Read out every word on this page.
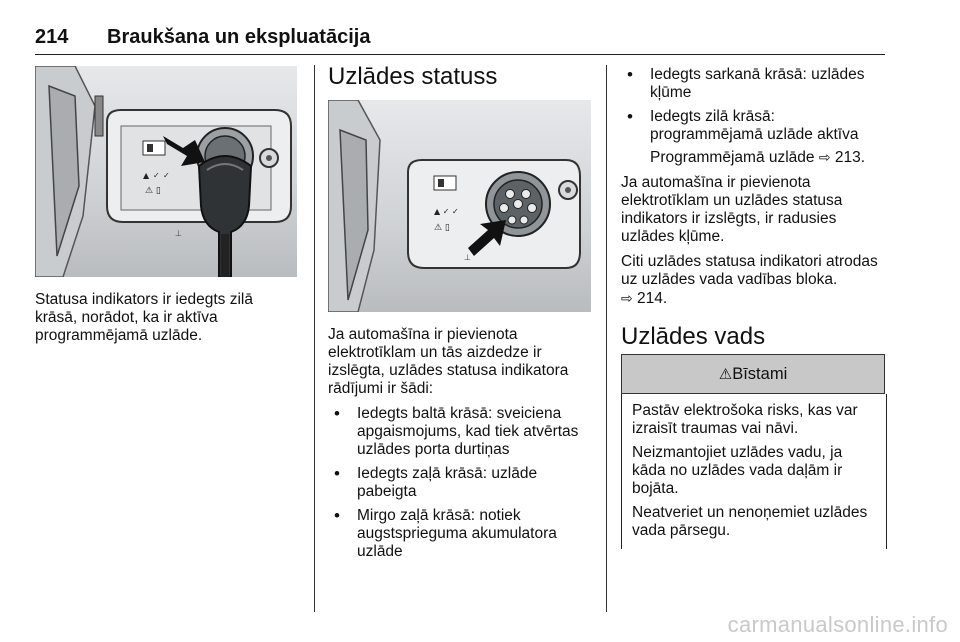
214 Braukšana un ekspluatācija
▲ ✓ ✓
⚠ ▯
⊥

Statusa indikators ir iedegts zilā krāsā, norādot, ka ir aktīva programmējamā uzlāde.

Uzlādes statuss
▲ ✓ ✓
⚠ ▯
⊥

Ja automašīna ir pievienota elektrotīklam un tās aizdedze ir izslēgta, uzlādes statusa indikatora rādījumi ir šādi:

• Iedegts baltā krāsā: sveiciena apgaismojums, kad tiek atvērtas uzlādes porta durtiņas
• Iedegts zaļā krāsā: uzlāde pabeigta
• Mirgo zaļā krāsā: notiek augstsprieguma akumulatora uzlāde
• Iedegts sarkanā krāsā: uzlādes kļūme
• Iedegts zilā krāsā: programmējamā uzlāde aktīva

Programmējamā uzlāde ⇨ 213.

Ja automašīna ir pievienota elektrotīklam un uzlādes statusa indikators ir izslēgts, ir radusies uzlādes kļūme.

Citi uzlādes statusa indikatori atrodas uz uzlādes vada vadības bloka.
⇨ 214.

Uzlādes vads
⚠Bīstami

Pastāv elektrošoka risks, kas var izraisīt traumas vai nāvi.

Neizmantojiet uzlādes vadu, ja kāda no uzlādes vada daļām ir bojāta.

Neatveriet un nenoņemiet uzlādes vada pārsegu.

carmanualsonline.info
